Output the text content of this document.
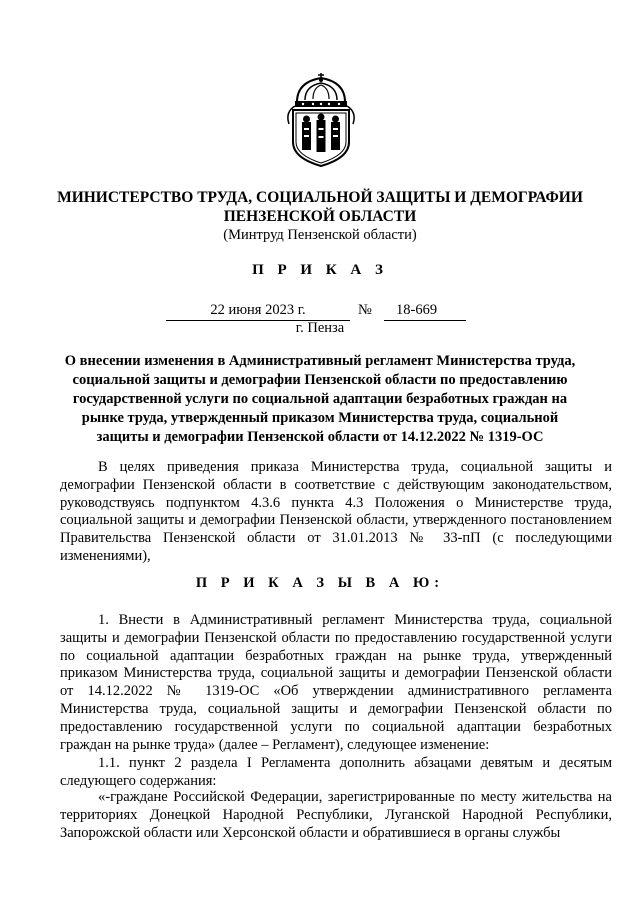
МИНИСТЕРСТВО ТРУДА, СОЦИАЛЬНОЙ ЗАЩИТЫ И ДЕМОГРАФИИ ПЕНЗЕНСКОЙ ОБЛАСТИ
(Минтруд Пензенской области)
П Р И К А З
22 июня 2023 г.	№	18-669
г. Пенза
О внесении изменения в Административный регламент Министерства труда, социальной защиты и демографии Пензенской области по предоставлению государственной услуги по социальной адаптации безработных граждан на рынке труда, утвержденный приказом Министерства труда, социальной защиты и демографии Пензенской области от 14.12.2022 № 1319-ОС

В целях приведения приказа Министерства труда, социальной защиты и демографии Пензенской области в соответствие с действующим законодательством, руководствуясь подпунктом 4.3.6 пункта 4.3 Положения о Министерстве труда, социальной защиты и демографии Пензенской области, утвержденного постановлением Правительства Пензенской области от 31.01.2013 № 33-пП (с последующими изменениями),

П Р И К А З Ы В А Ю:

1. Внести в Административный регламент Министерства труда, социальной защиты и демографии Пензенской области по предоставлению государственной услуги по социальной адаптации безработных граждан на рынке труда, утвержденный приказом Министерства труда, социальной защиты и демографии Пензенской области от 14.12.2022 № 1319-ОС «Об утверждении административного регламента Министерства труда, социальной защиты и демографии Пензенской области по предоставлению государственной услуги по социальной адаптации безработных граждан на рынке труда» (далее – Регламент), следующее изменение:

1.1. пункт 2 раздела I Регламента дополнить абзацами девятым и десятым следующего содержания:

«-граждане Российской Федерации, зарегистрированные по месту жительства на территориях Донецкой Народной Республики, Луганской Народной Республики, Запорожской области или Херсонской области и обратившиеся в органы службы
